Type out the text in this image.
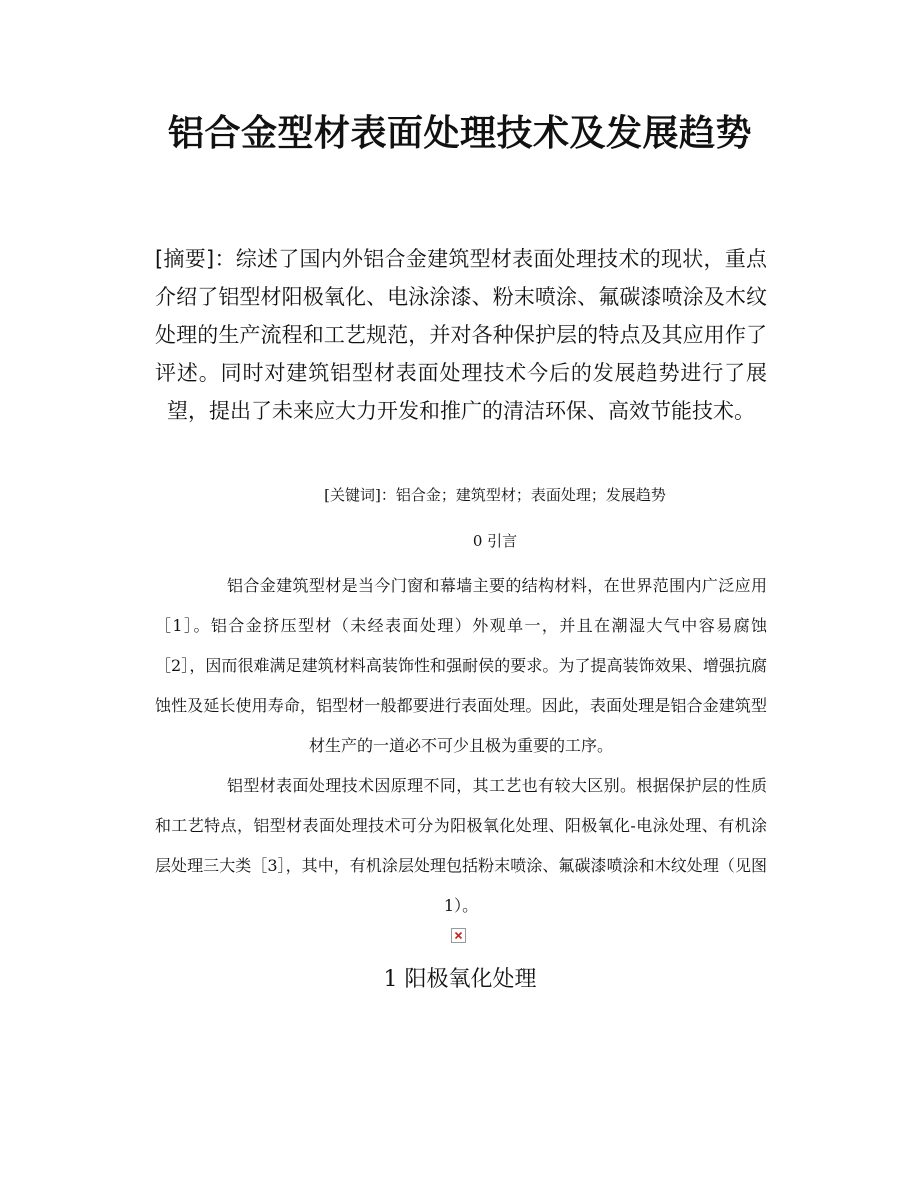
铝合金型材表面处理技术及发展趋势
[摘要]：综述了国内外铝合金建筑型材表面处理技术的现状，重点介绍了铝型材阳极氧化、电泳涂漆、粉末喷涂、氟碳漆喷涂及木纹处理的生产流程和工艺规范，并对各种保护层的特点及其应用作了评述。同时对建筑铝型材表面处理技术今后的发展趋势进行了展望，提出了未来应大力开发和推广的清洁环保、高效节能技术。
[关键词]：铝合金；建筑型材；表面处理；发展趋势
0 引言
铝合金建筑型材是当今门窗和幕墙主要的结构材料，在世界范围内广泛应用［1］。铝合金挤压型材（未经表面处理）外观单一，并且在潮湿大气中容易腐蚀［2］，因而很难满足建筑材料高装饰性和强耐侯的要求。为了提高装饰效果、增强抗腐蚀性及延长使用寿命，铝型材一般都要进行表面处理。因此，表面处理是铝合金建筑型材生产的一道必不可少且极为重要的工序。
铝型材表面处理技术因原理不同，其工艺也有较大区别。根据保护层的性质和工艺特点，铝型材表面处理技术可分为阳极氧化处理、阳极氧化-电泳处理、有机涂层处理三大类［3］，其中，有机涂层处理包括粉末喷涂、氟碳漆喷涂和木纹处理（见图1）。
1 阳极氧化处理
